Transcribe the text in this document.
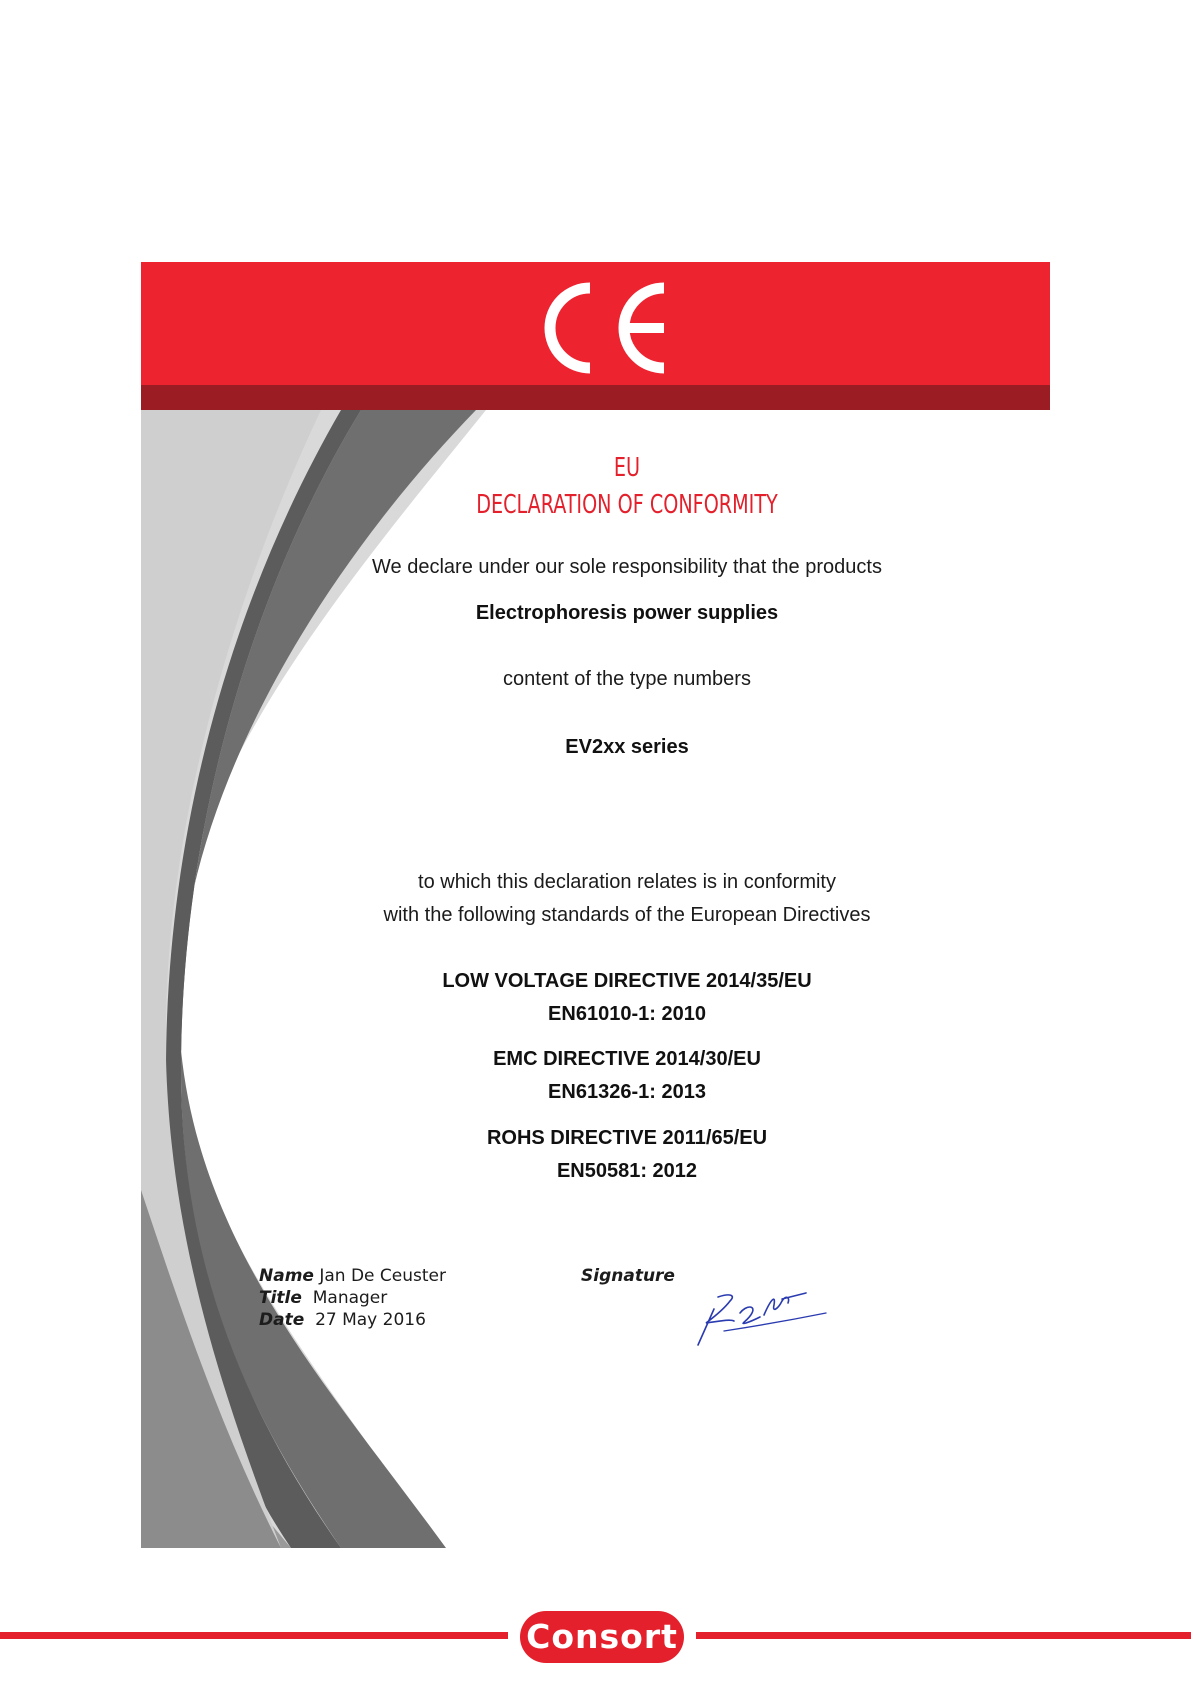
EU
DECLARATION OF CONFORMITY
We declare under our sole responsibility that the products
Electrophoresis power supplies
content of the type numbers
EV2xx series
to which this declaration relates is in conformity
with the following standards of the European Directives
LOW VOLTAGE DIRECTIVE 2014/35/EU
EN61010-1: 2010
EMC DIRECTIVE 2014/30/EU
EN61326-1: 2013
ROHS DIRECTIVE 2011/65/EU
EN50581: 2012
Name Jan De Ceuster
Title Manager
Date 27 May 2016
Signature
Consort
